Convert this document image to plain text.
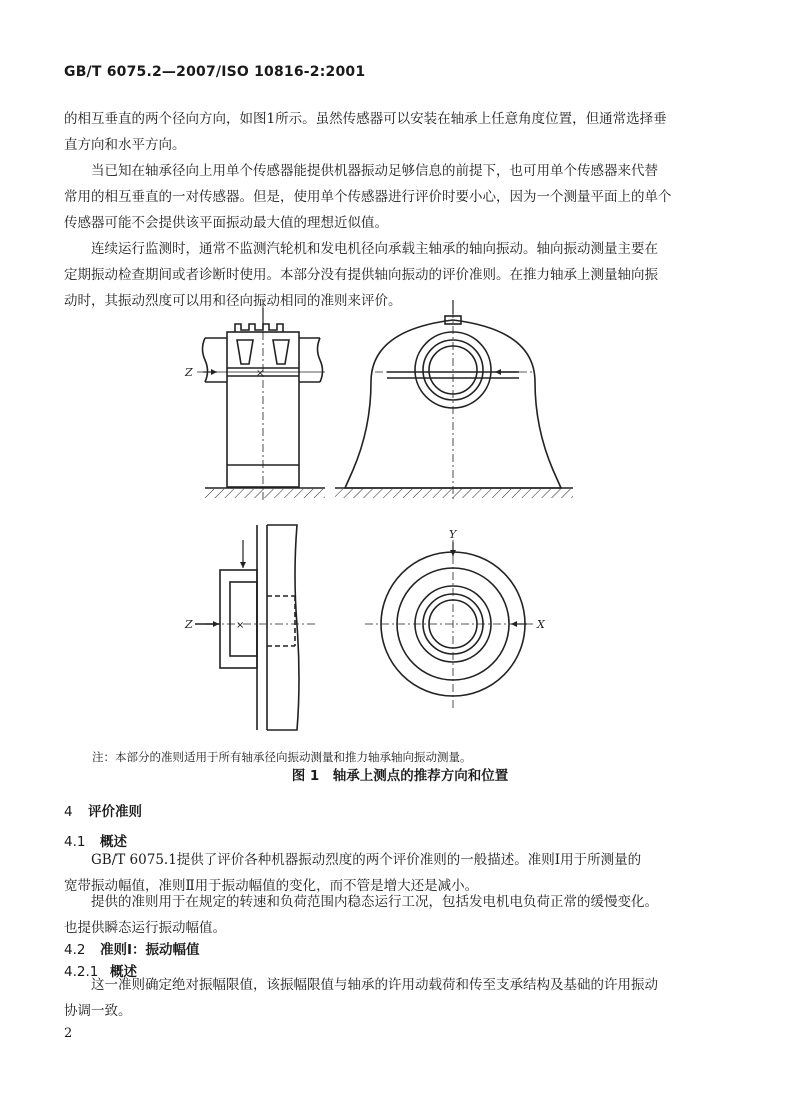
GB/T 6075.2—2007/ISO 10816-2:2001
的相互垂直的两个径向方向，如图1所示。虽然传感器可以安装在轴承上任意角度位置，但通常选择垂
直方向和水平方向。
当已知在轴承径向上用单个传感器能提供机器振动足够信息的前提下，也可用单个传感器来代替
常用的相互垂直的一对传感器。但是，使用单个传感器进行评价时要小心，因为一个测量平面上的单个
传感器可能不会提供该平面振动最大值的理想近似值。
连续运行监测时，通常不监测汽轮机和发电机径向承载主轴承的轴向振动。轴向振动测量主要在
定期振动检查期间或者诊断时使用。本部分没有提供轴向振动的评价准则。在推力轴承上测量轴向振
动时，其振动烈度可以用和径向振动相同的准则来评价。
×
×
Z
Z
Y
X
注：本部分的准则适用于所有轴承径向振动测量和推力轴承轴向振动测量。
图 1　轴承上测点的推荐方向和位置
4 评价准则
4.1 概述
GB/T 6075.1提供了评价各种机器振动烈度的两个评价准则的一般描述。准则Ⅰ用于所测量的
宽带振动幅值，准则Ⅱ用于振动幅值的变化，而不管是增大还是减小。
提供的准则用于在规定的转速和负荷范围内稳态运行工况，包括发电机电负荷正常的缓慢变化。
也提供瞬态运行振动幅值。
4.2 准则Ⅰ：振动幅值
4.2.1 概述
这一准则确定绝对振幅限值，该振幅限值与轴承的许用动载荷和传至支承结构及基础的许用振动
协调一致。
2
